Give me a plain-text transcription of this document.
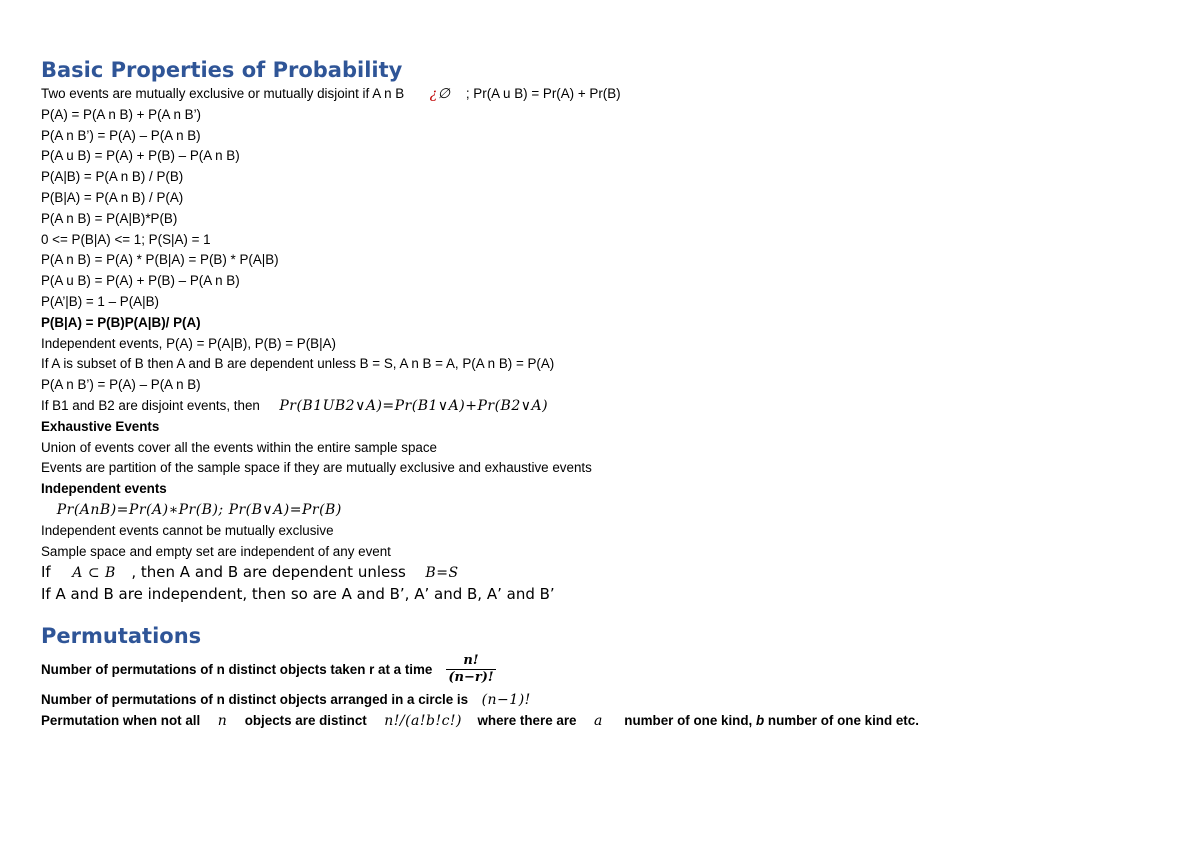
Basic Properties of Probability
Two events are mutually exclusive or mutually disjoint if A n B ¿∅ ; Pr(A u B) = Pr(A) + Pr(B)
P(A) = P(A n B) + P(A n B’)
P(A n B’) = P(A) – P(A n B)
P(A u B) = P(A) + P(B) – P(A n B)
P(A|B) = P(A n B) / P(B)
P(B|A) = P(A n B) / P(A)
P(A n B) = P(A|B)*P(B)
0 <= P(B|A) <= 1; P(S|A) = 1
P(A n B) = P(A) * P(B|A) = P(B) * P(A|B)
P(A u B) = P(A) + P(B) – P(A n B)
P(A’|B) = 1 – P(A|B)
P(B|A) = P(B)P(A|B)/ P(A)
Independent events, P(A) = P(A|B), P(B) = P(B|A)
If A is subset of B then A and B are dependent unless B = S, A n B = A, P(A n B) = P(A)
P(A n B’) = P(A) – P(A n B)
If B1 and B2 are disjoint events, then Pr(B1UB2∨A)=Pr(B1∨A)+Pr(B2∨A)
Exhaustive Events
Union of events cover all the events within the entire sample space
Events are partition of the sample space if they are mutually exclusive and exhaustive events
Independent events
Pr(AnB)=Pr(A)∗Pr(B); Pr(B∨A)=Pr(B)
Independent events cannot be mutually exclusive
Sample space and empty set are independent of any event
If A ⊂ B , then A and B are dependent unless B=S
If A and B are independent, then so are A and B’, A’ and B, A’ and B’
Permutations
Number of permutations of n distinct objects taken r at a time $\frac{n!}{(n-r)!}$
Number of permutations of n distinct objects arranged in a circle is (n−1)!
Permutation when not all n objects are distinct n!/(a!b!c!) where there are a number of one kind, b number of one kind etc.
